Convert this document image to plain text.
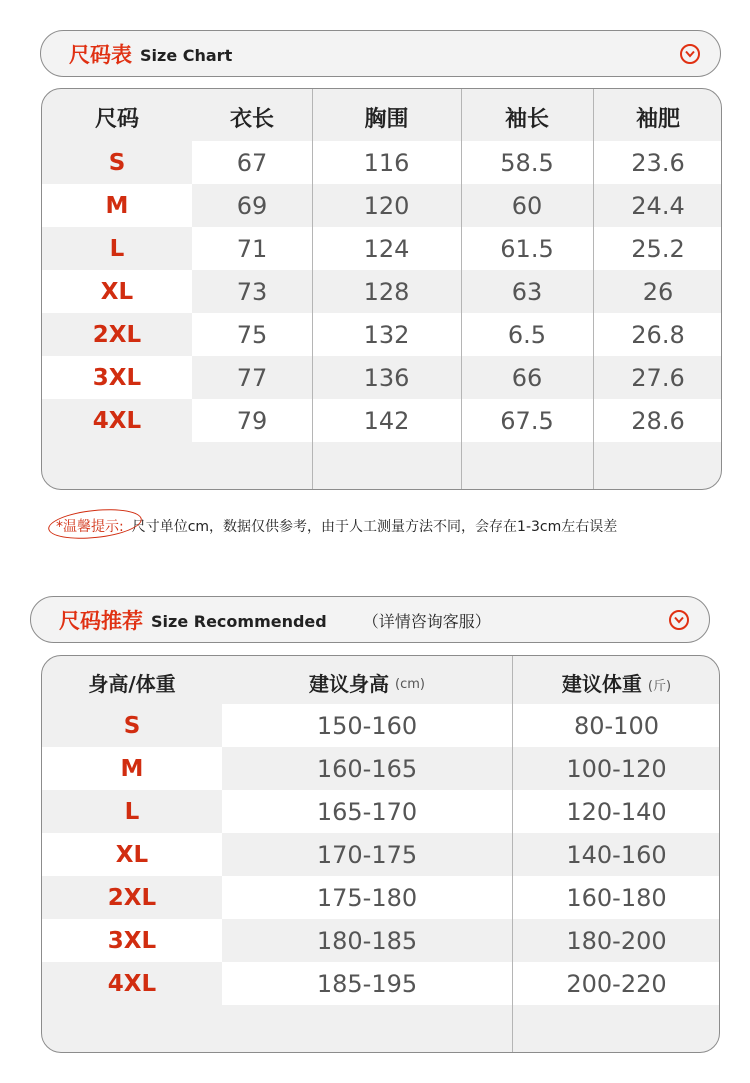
尺码表 Size Chart
尺码	衣长	胸围	袖长	袖肥
S	67	116	58.5	23.6
M	69	120	60	24.4
L	71	124	61.5	25.2
XL	73	128	63	26
2XL	75	132	6.5	26.8
3XL	77	136	66	27.6
4XL	79	142	67.5	28.6
*温馨提示: 尺寸单位cm，数据仅供参考，由于人工测量方法不同，会存在1-3cm左右误差
尺码推荐 Size Recommended （详情咨询客服）
身高/体重	建议身高 (cm)	建议体重 (斤)
S	150-160	80-100
M	160-165	100-120
L	165-170	120-140
XL	170-175	140-160
2XL	175-180	160-180
3XL	180-185	180-200
4XL	185-195	200-220
